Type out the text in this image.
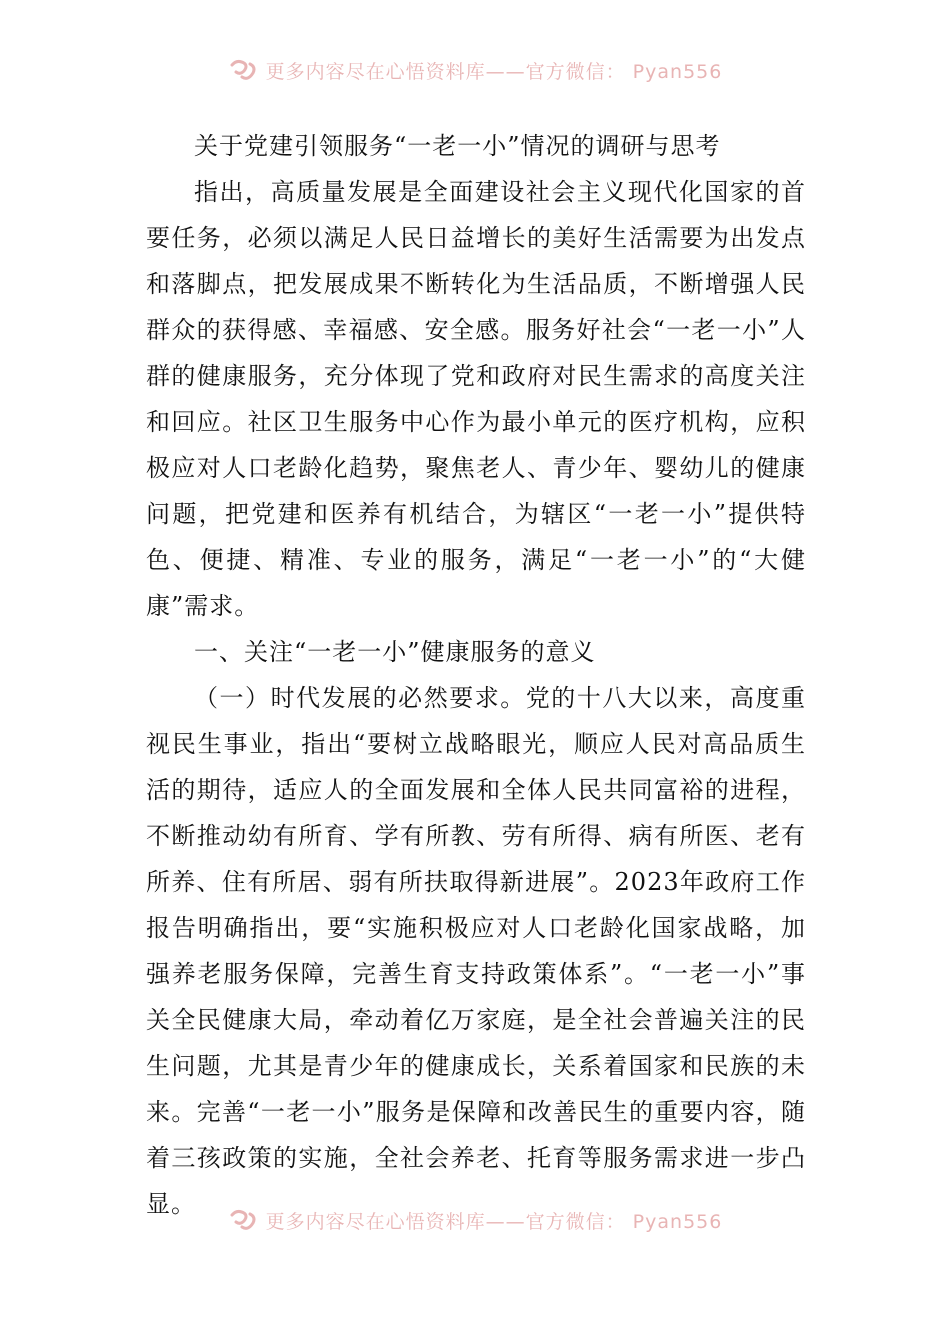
更多内容尽在心悟资料库——官方微信： Pyan556
关于党建引领服务“一老一小”情况的调研与思考

指出，高质量发展是全面建设社会主义现代化国家的首要任务，必须以满足人民日益增长的美好生活需要为出发点和落脚点，把发展成果不断转化为生活品质，不断增强人民群众的获得感、幸福感、安全感。服务好社会“一老一小”人群的健康服务，充分体现了党和政府对民生需求的高度关注和回应。社区卫生服务中心作为最小单元的医疗机构，应积极应对人口老龄化趋势，聚焦老人、青少年、婴幼儿的健康问题，把党建和医养有机结合，为辖区“一老一小”提供特色、便捷、精准、专业的服务，满足“一老一小”的“大健康”需求。

一、关注“一老一小”健康服务的意义

（一）时代发展的必然要求。党的十八大以来，高度重视民生事业，指出“要树立战略眼光，顺应人民对高品质生活的期待，适应人的全面发展和全体人民共同富裕的进程，不断推动幼有所育、学有所教、劳有所得、病有所医、老有所养、住有所居、弱有所扶取得新进展”。2023年政府工作报告明确指出，要“实施积极应对人口老龄化国家战略，加强养老服务保障，完善生育支持政策体系”。“一老一小”事关全民健康大局，牵动着亿万家庭，是全社会普遍关注的民生问题，尤其是青少年的健康成长，关系着国家和民族的未来。完善“一老一小”服务是保障和改善民生的重要内容，随着三孩政策的实施，全社会养老、托育等服务需求进一步凸显。

更多内容尽在心悟资料库——官方微信： Pyan556
